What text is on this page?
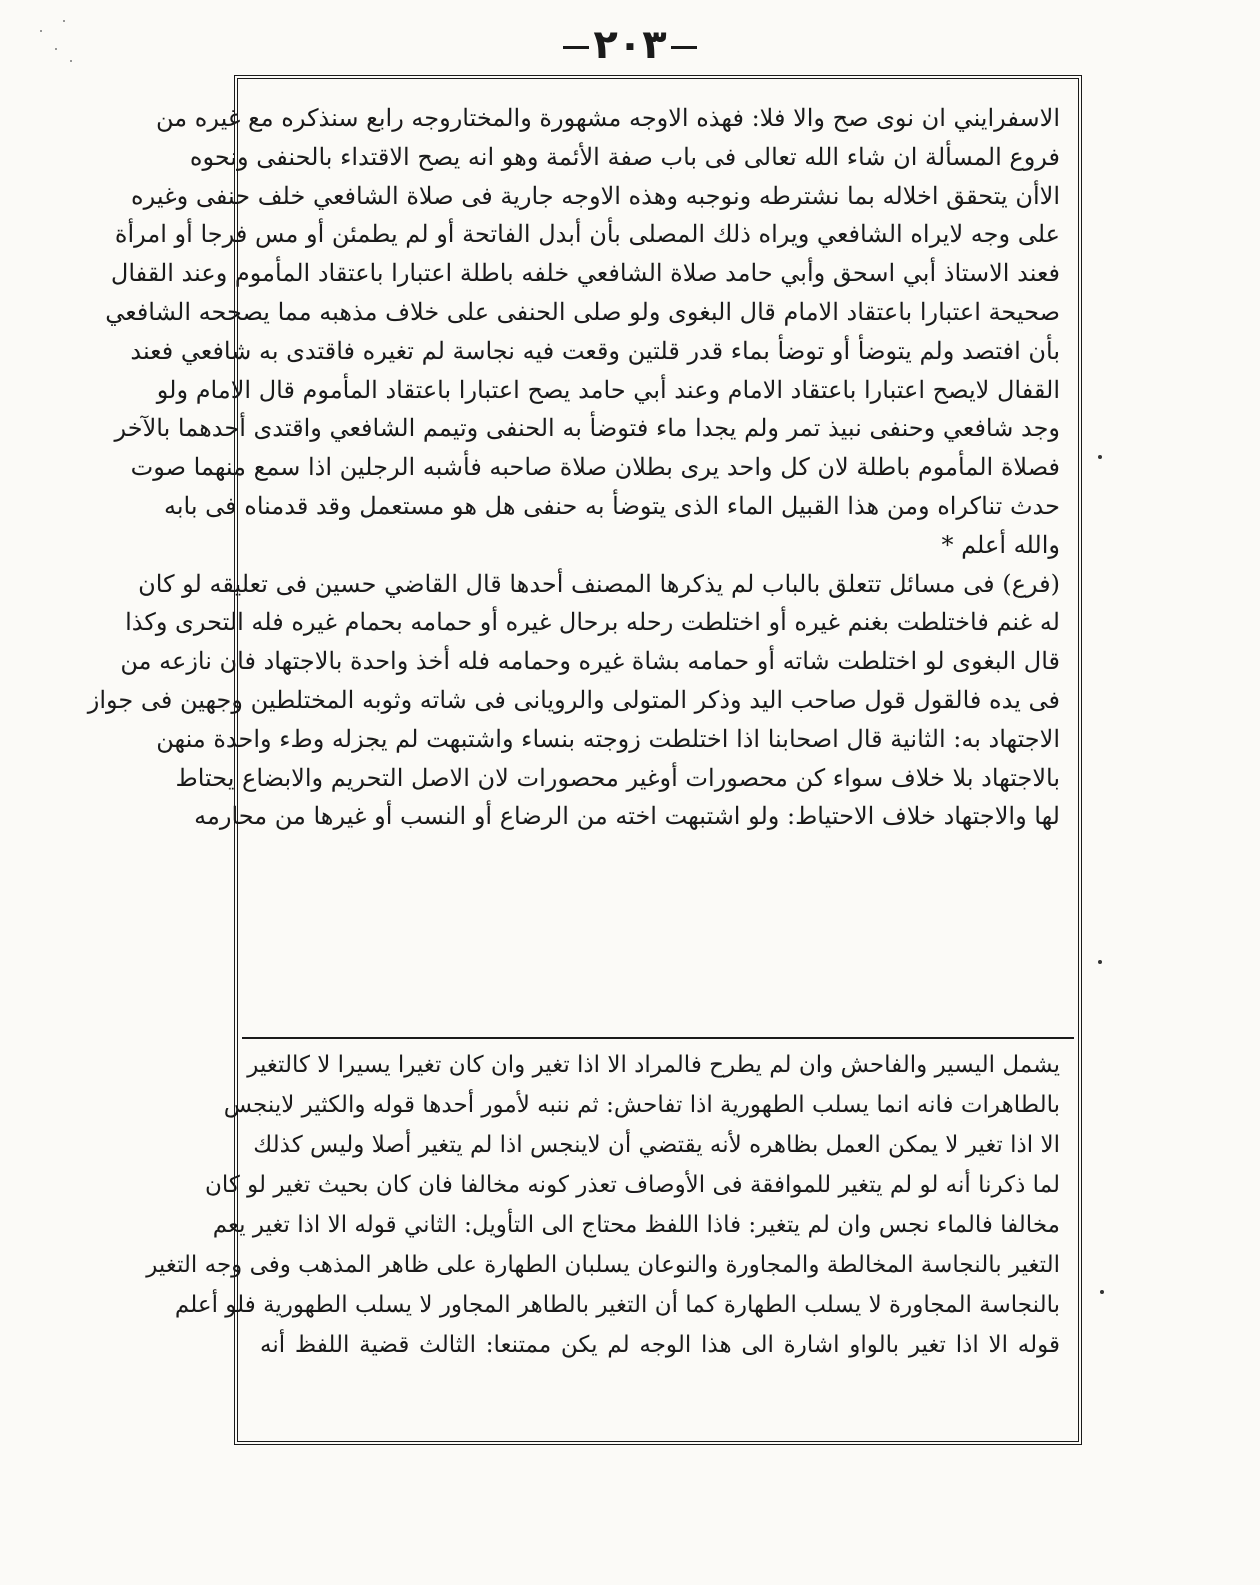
٢٠٣
الاسفرايني ان نوى صح والا فلا: فهذه الاوجه مشهورة والمختاروجه رابع سنذكره مع غيره من
فروع المسألة ان شاء الله تعالى فى باب صفة الأئمة وهو انه يصح الاقتداء بالحنفى ونحوه
الاأن يتحقق اخلاله بما نشترطه ونوجبه وهذه الاوجه جارية فى صلاة الشافعي خلف حنفى وغيره
على وجه لايراه الشافعي ويراه ذلك المصلى بأن أبدل الفاتحة أو لم يطمئن أو مس فرجا أو امرأة
فعند الاستاذ أبي اسحق وأبي حامد صلاة الشافعي خلفه باطلة اعتبارا باعتقاد المأموم وعند القفال
صحيحة اعتبارا باعتقاد الامام قال البغوى ولو صلى الحنفى على خلاف مذهبه مما يصححه الشافعي
بأن افتصد ولم يتوضأ أو توضأ بماء قدر قلتين وقعت فيه نجاسة لم تغيره فاقتدى به شافعي فعند
القفال لايصح اعتبارا باعتقاد الامام وعند أبي حامد يصح اعتبارا باعتقاد المأموم قال الامام ولو
وجد شافعي وحنفى نبيذ تمر ولم يجدا ماء فتوضأ به الحنفى وتيمم الشافعي واقتدى أحدهما بالآخر
فصلاة المأموم باطلة لان كل واحد يرى بطلان صلاة صاحبه فأشبه الرجلين اذا سمع منهما صوت
حدث تناكراه ومن هذا القبيل الماء الذى يتوضأ به حنفى هل هو مستعمل وقد قدمناه فى بابه
والله أعلم *
(فرع) فى مسائل تتعلق بالباب لم يذكرها المصنف أحدها قال القاضي حسين فى تعليقه لو كان
له غنم فاختلطت بغنم غيره أو اختلطت رحله برحال غيره أو حمامه بحمام غيره فله التحرى وكذا
قال البغوى لو اختلطت شاته أو حمامه بشاة غيره وحمامه فله أخذ واحدة بالاجتهاد فان نازعه من
فى يده فالقول قول صاحب اليد وذكر المتولى والرويانى فى شاته وثوبه المختلطين وجهين فى جواز
الاجتهاد به: الثانية قال اصحابنا اذا اختلطت زوجته بنساء واشتبهت لم يجزله وطء واحدة منهن
بالاجتهاد بلا خلاف سواء كن محصورات أوغير محصورات لان الاصل التحريم والابضاع يحتاط
لها والاجتهاد خلاف الاحتياط: ولو اشتبهت اخته من الرضاع أو النسب أو غيرها من محارمه
يشمل اليسير والفاحش وان لم يطرح فالمراد الا اذا تغير وان كان تغيرا يسيرا لا كالتغير
بالطاهرات فانه انما يسلب الطهورية اذا تفاحش: ثم ننبه لأمور أحدها قوله والكثير لاينجس
الا اذا تغير لا يمكن العمل بظاهره لأنه يقتضي أن لاينجس اذا لم يتغير أصلا وليس كذلك
لما ذكرنا أنه لو لم يتغير للموافقة فى الأوصاف تعذر كونه مخالفا فان كان بحيث تغير لو كان
مخالفا فالماء نجس وان لم يتغير: فاذا اللفظ محتاج الى التأويل: الثاني قوله الا اذا تغير يعم
التغير بالنجاسة المخالطة والمجاورة والنوعان يسلبان الطهارة على ظاهر المذهب وفى وجه التغير
بالنجاسة المجاورة لا يسلب الطهارة كما أن التغير بالطاهر المجاور لا يسلب الطهورية فلو أعلم
قوله الا اذا تغير بالواو اشارة الى هذا الوجه لم يكن ممتنعا: الثالث قضية اللفظ أنه
